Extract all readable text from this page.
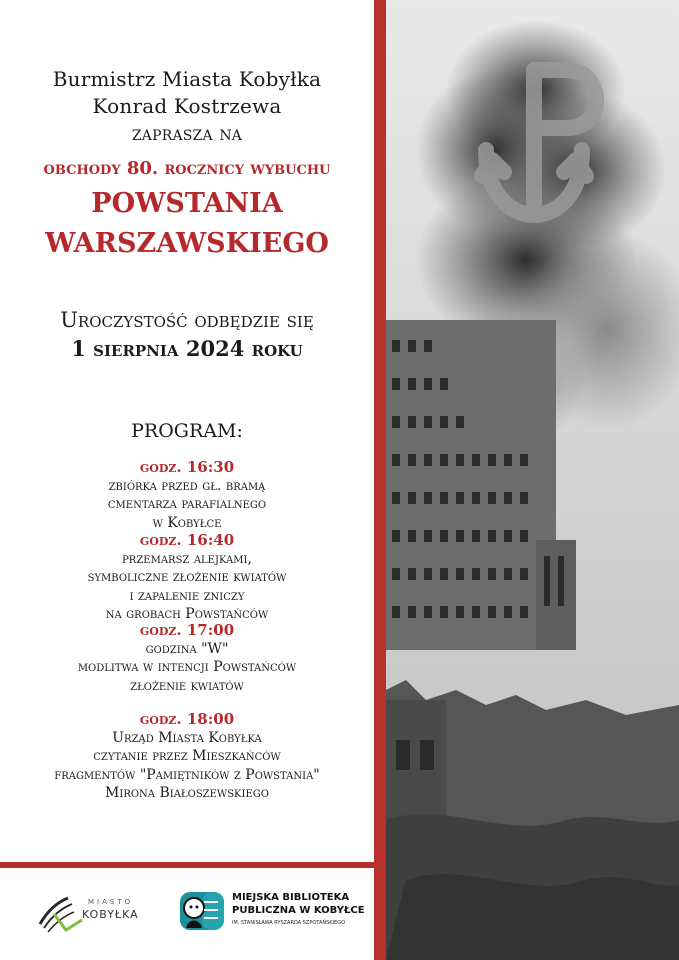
Burmistrz Miasta Kobyłka
Konrad Kostrzewa
zaprasza na
obchody 80. rocznicy wybuchu
POWSTANIA
WARSZAWSKIEGO
Uroczystość odbędzie się
1 sierpnia 2024 roku
PROGRAM:
godz. 16:30
zbiórka przed gł. bramą
cmentarza parafialnego
w Kobyłce
godz. 16:40
przemarsz alejkami,
symboliczne złożenie kwiatów
i zapalenie zniczy
na grobach Powstańców
godz. 17:00
godzina "W"
modlitwa w intencji Powstańców
złożenie kwiatów
godz. 18:00
Urząd Miasta Kobyłka
czytanie przez Mieszkańców
fragmentów "Pamiętników z Powstania"
Mirona Białoszewskiego
MIASTO
KOBYŁKA
MIEJSKA BIBLIOTEKA
PUBLICZNA W KOBYŁCE
IM. STANISŁAWA RYSZARDA SZPOTAŃSKIEGO
